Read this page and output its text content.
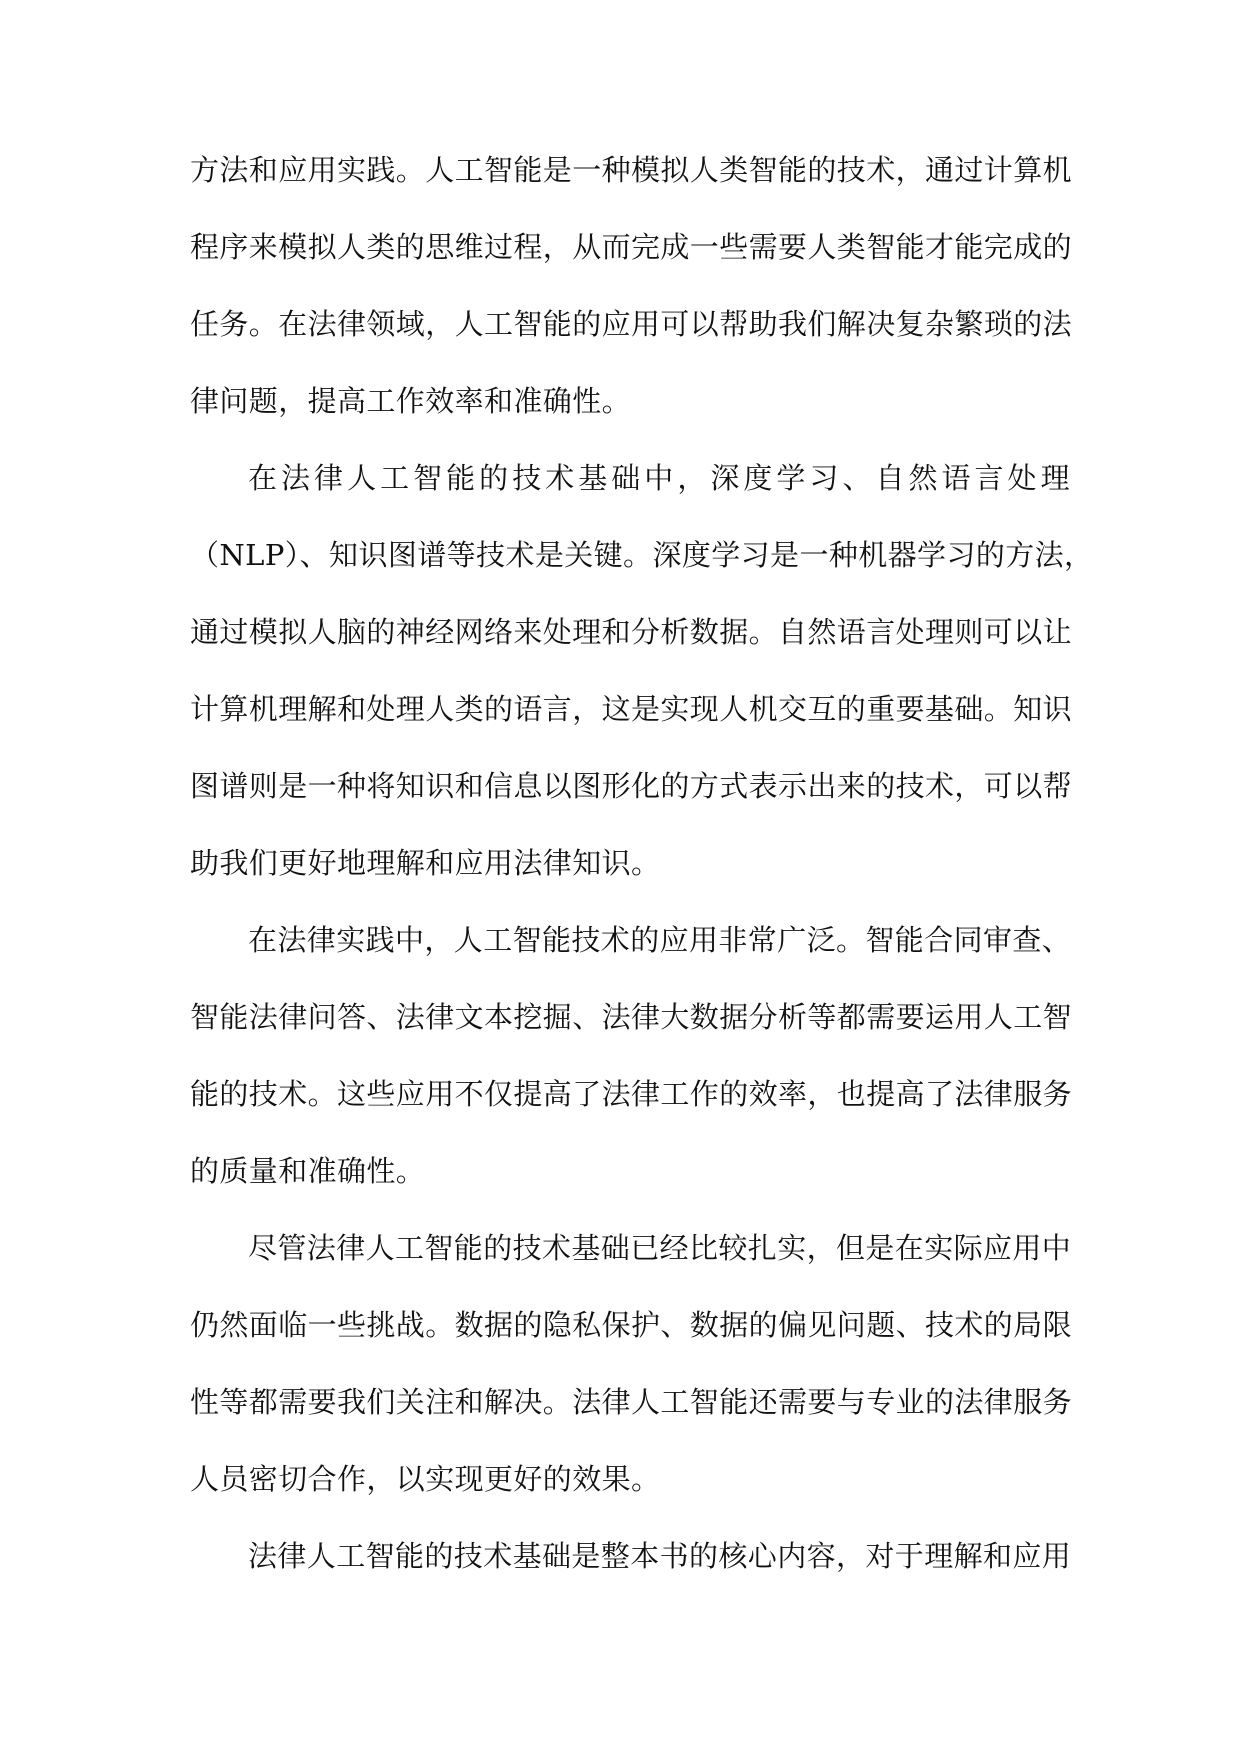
方法和应用实践。人工智能是一种模拟人类智能的技术，通过计算机
程序来模拟人类的思维过程，从而完成一些需要人类智能才能完成的
任务。在法律领域，人工智能的应用可以帮助我们解决复杂繁琐的法
律问题，提高工作效率和准确性。
在法律人工智能的技术基础中，深度学习、自然语言处理
（NLP）、知识图谱等技术是关键。深度学习是一种机器学习的方法，
通过模拟人脑的神经网络来处理和分析数据。自然语言处理则可以让
计算机理解和处理人类的语言，这是实现人机交互的重要基础。知识
图谱则是一种将知识和信息以图形化的方式表示出来的技术，可以帮
助我们更好地理解和应用法律知识。
在法律实践中，人工智能技术的应用非常广泛。智能合同审查、
智能法律问答、法律文本挖掘、法律大数据分析等都需要运用人工智
能的技术。这些应用不仅提高了法律工作的效率，也提高了法律服务
的质量和准确性。
尽管法律人工智能的技术基础已经比较扎实，但是在实际应用中
仍然面临一些挑战。数据的隐私保护、数据的偏见问题、技术的局限
性等都需要我们关注和解决。法律人工智能还需要与专业的法律服务
人员密切合作，以实现更好的效果。
法律人工智能的技术基础是整本书的核心内容，对于理解和应用
